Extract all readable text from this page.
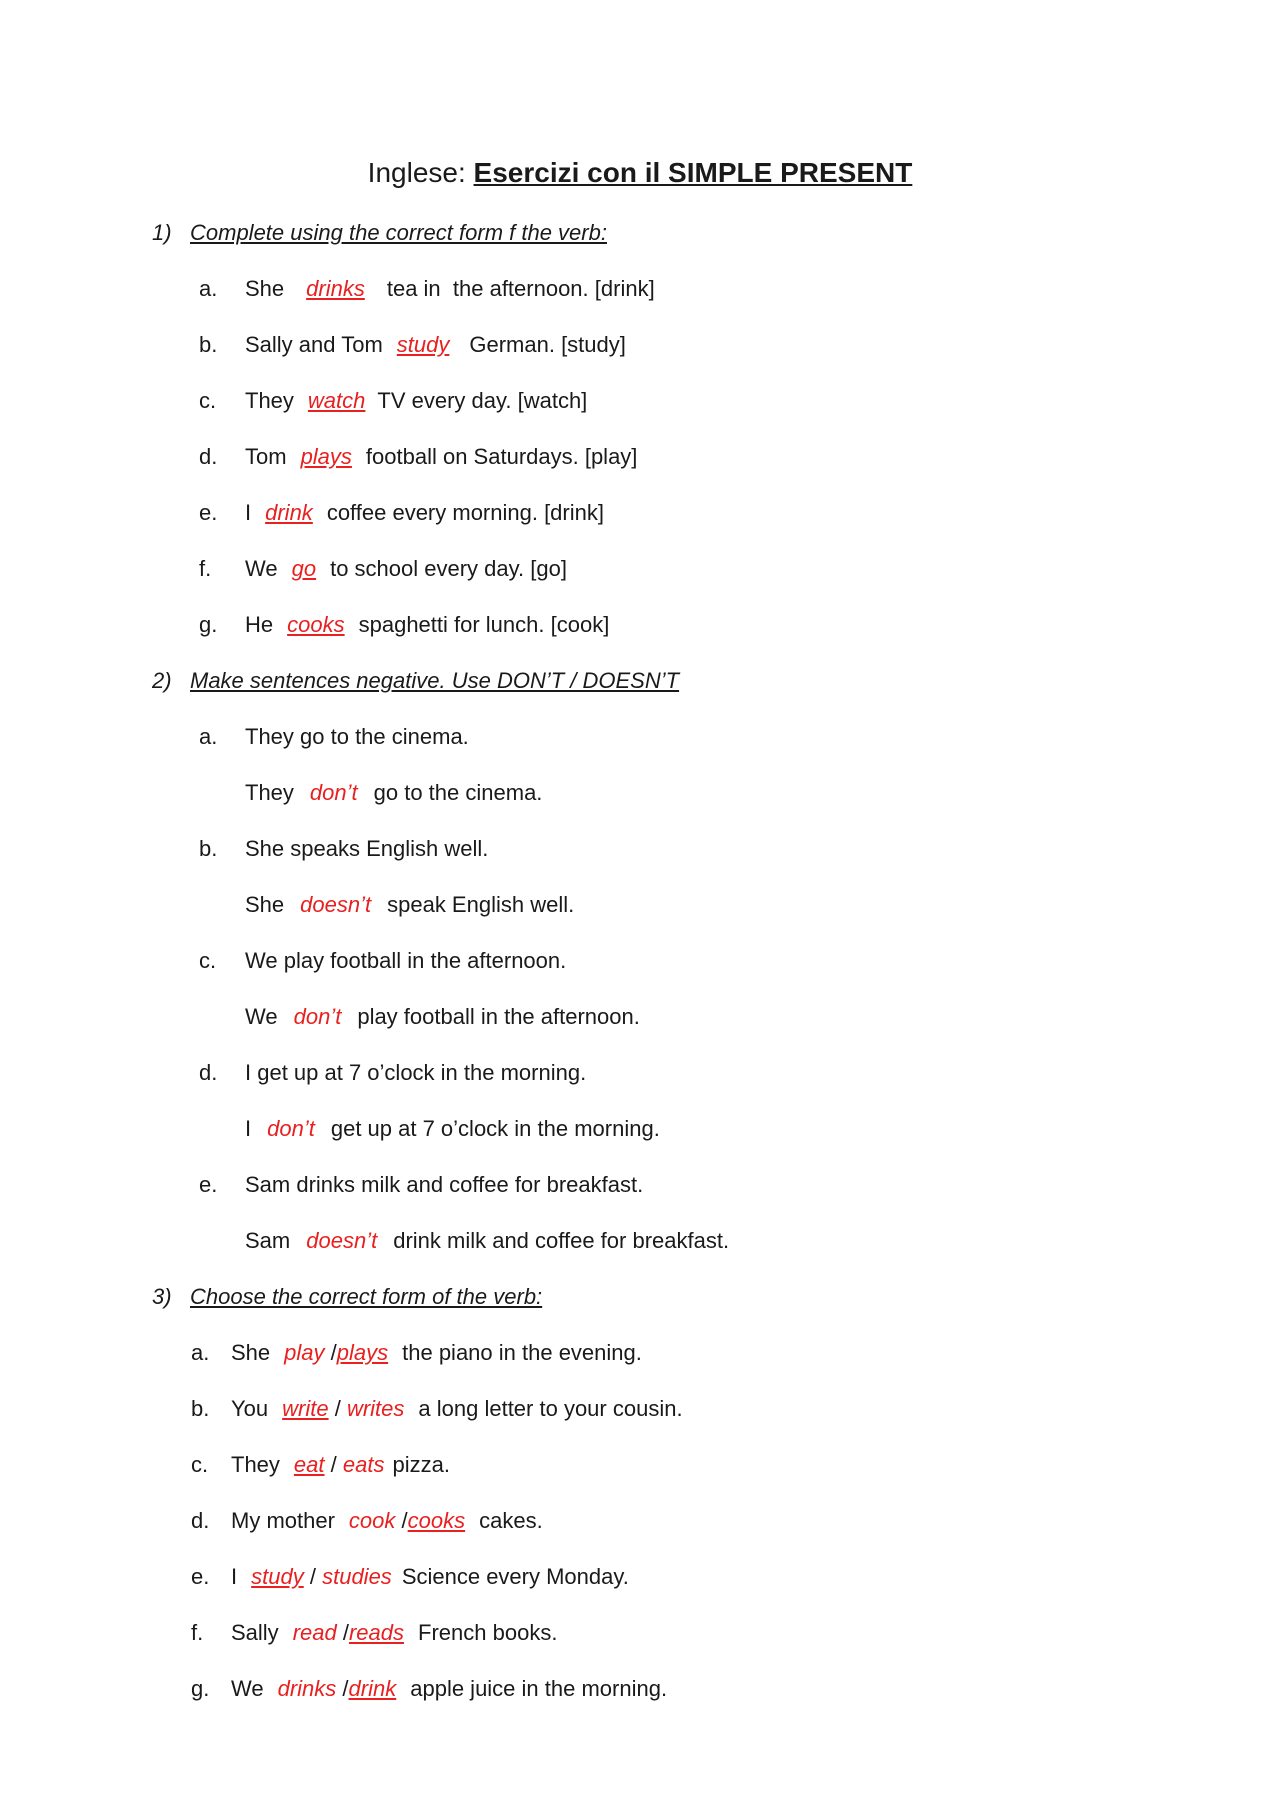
Inglese: Esercizi con il SIMPLE PRESENT
1) Complete using the correct form f the verb:
a. She drinks tea in  the afternoon. [drink]
b. Sally and Tom study German. [study]
c. They watch TV every day. [watch]
d. Tom plays football on Saturdays. [play]
e. I drink coffee every morning. [drink]
f. We go to school every day. [go]
g. He cooks spaghetti for lunch. [cook]
2) Make sentences negative. Use DON’T / DOESN’T
a. They go to the cinema.
They don’t go to the cinema.
b. She speaks English well.
She doesn’t speak English well.
c. We play football in the afternoon.
We don’t play football in the afternoon.
d. I get up at 7 o’clock in the morning.
I don’t get up at 7 o’clock in the morning.
e. Sam drinks milk and coffee for breakfast.
Sam doesn’t drink milk and coffee for breakfast.
3) Choose the correct form of the verb:
a. She play /plays the piano in the evening.
b. You write / writes a long letter to your cousin.
c. They eat / eats pizza.
d. My mother cook /cooks cakes.
e. I study / studies Science every Monday.
f. Sally read /reads French books.
g. We drinks /drink apple juice in the morning.
